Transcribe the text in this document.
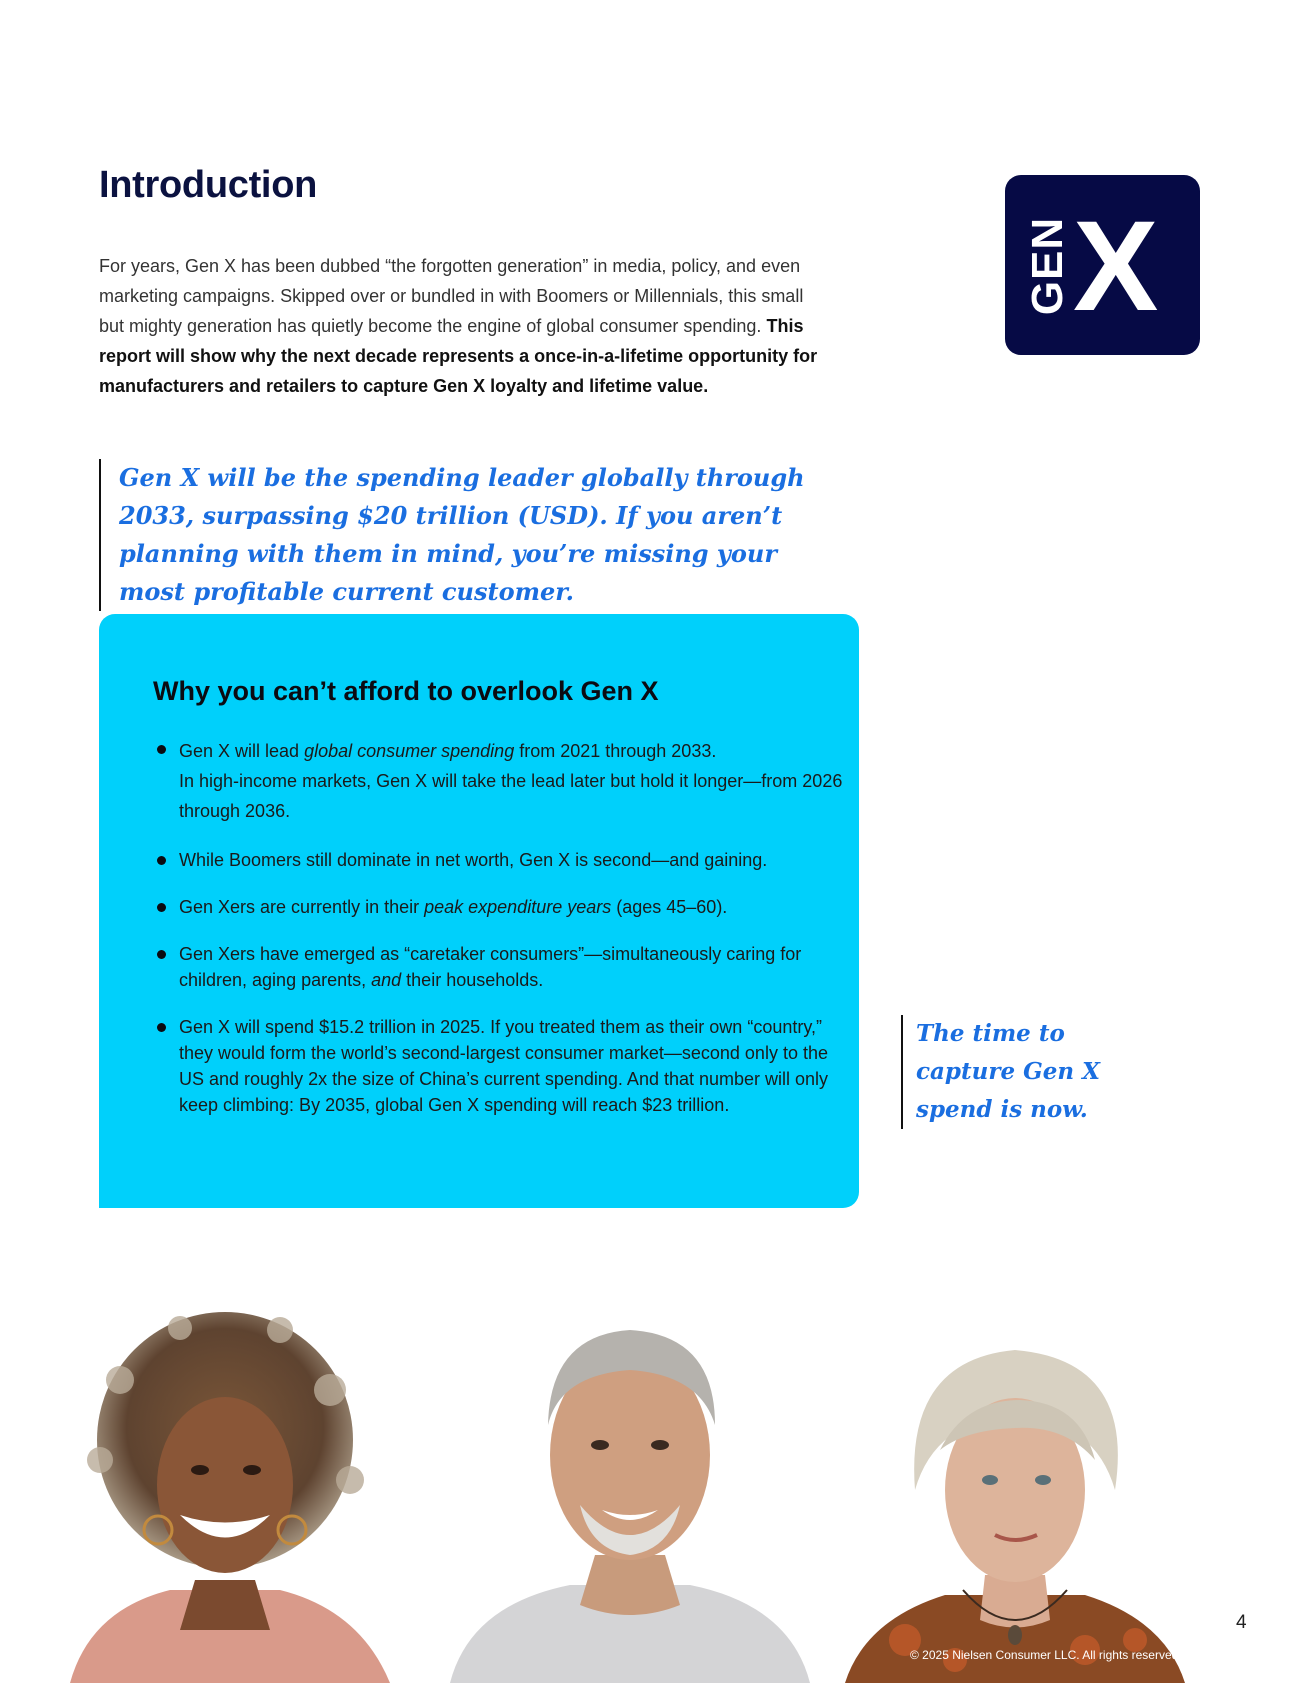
Introduction

For years, Gen X has been dubbed “the forgotten generation” in media, policy, and even marketing campaigns. Skipped over or bundled in with Boomers or Millennials, this small but mighty generation has quietly become the engine of global consumer spending. This report will show why the next decade represents a once-in-a-lifetime opportunity for manufacturers and retailers to capture Gen X loyalty and lifetime value.

GEN X
Gen X will be the spending leader globally through 2033, surpassing $20 trillion (USD). If you aren’t planning with them in mind, you’re missing your most profitable current customer.
Why you can’t afford to overlook Gen X
Gen X will lead global consumer spending from 2021 through 2033.
In high-income markets, Gen X will take the lead later but hold it longer—from 2026 through 2036.
While Boomers still dominate in net worth, Gen X is second—and gaining.
Gen Xers are currently in their peak expenditure years (ages 45–60).
Gen Xers have emerged as “caretaker consumers”—simultaneously caring for children, aging parents, and their households.
Gen X will spend $15.2 trillion in 2025. If you treated them as their own “country,” they would form the world’s second-largest consumer market—second only to the US and roughly 2x the size of China’s current spending. And that number will only keep climbing: By 2035, global Gen X spending will reach $23 trillion.
The time to capture Gen X spend is now.
4
© 2025 Nielsen Consumer LLC. All rights reserved.
